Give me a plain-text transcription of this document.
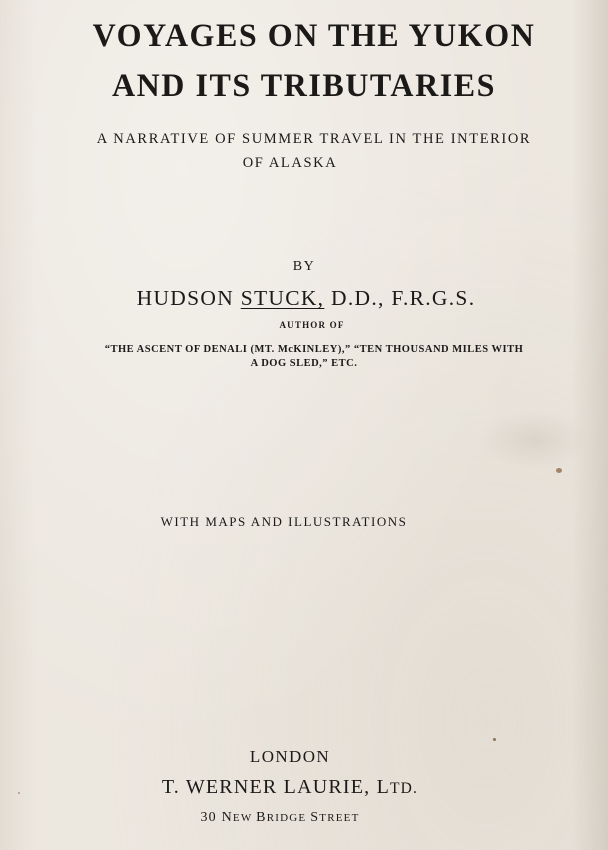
VOYAGES ON THE YUKON
AND ITS TRIBUTARIES
A NARRATIVE OF SUMMER TRAVEL IN THE INTERIOR
OF ALASKA
BY
HUDSON STUCK, D.D., F.R.G.S.
AUTHOR OF
“THE ASCENT OF DENALI (MT. McKINLEY),” “TEN THOUSAND MILES WITH
A DOG SLED,” ETC.
WITH MAPS AND ILLUSTRATIONS
LONDON
T. WERNER LAURIE, LTD.
30 NEW BRIDGE STREET
